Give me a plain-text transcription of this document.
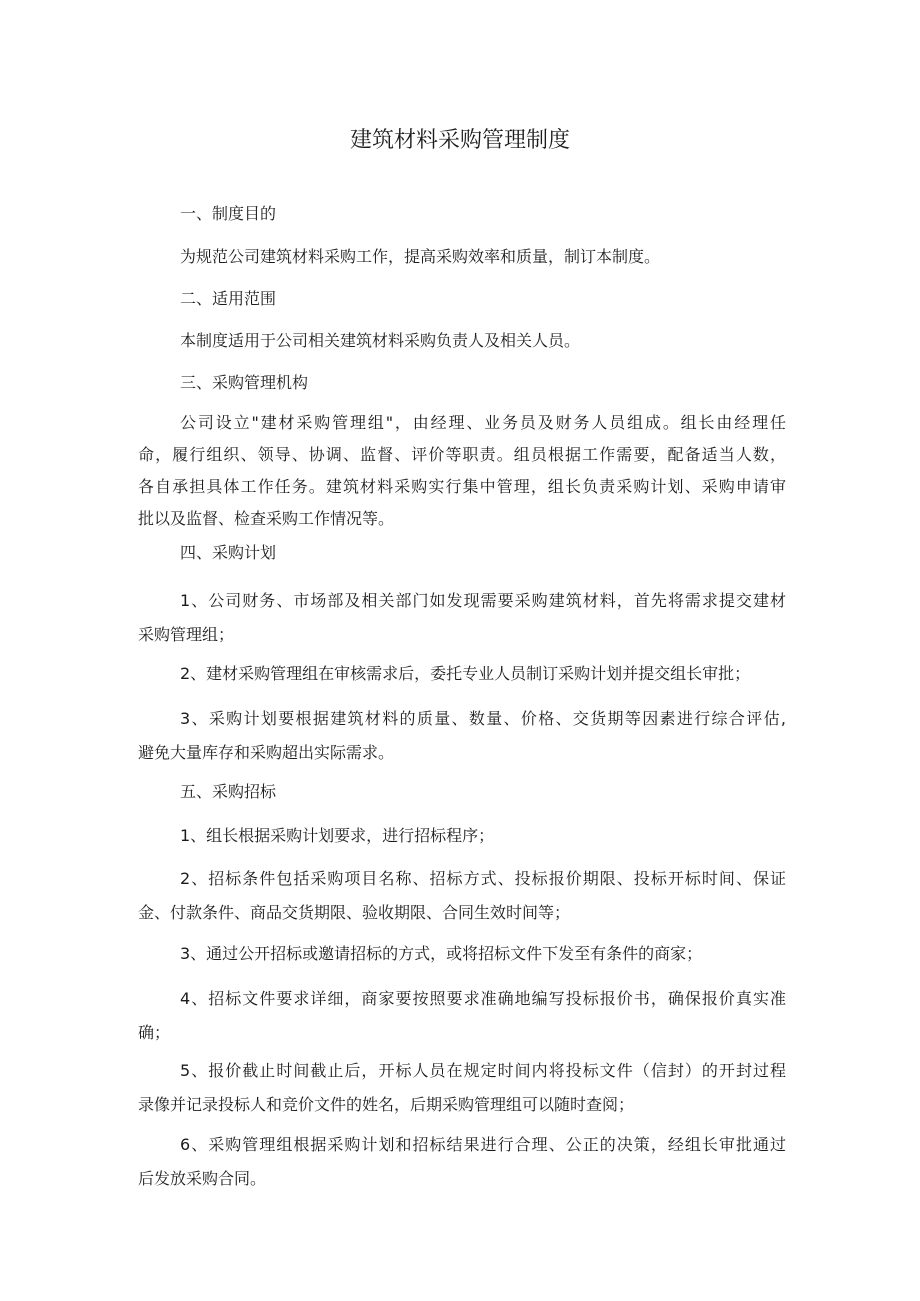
建筑材料采购管理制度

一、制度目的

为规范公司建筑材料采购工作，提高采购效率和质量，制订本制度。

二、适用范围

本制度适用于公司相关建筑材料采购负责人及相关人员。

三、采购管理机构

公司设立"建材采购管理组"，由经理、业务员及财务人员组成。组长由经理任
命，履行组织、领导、协调、监督、评价等职责。组员根据工作需要，配备适当人数，
各自承担具体工作任务。建筑材料采购实行集中管理，组长负责采购计划、采购申请审
批以及监督、检查采购工作情况等。

四、采购计划

1、公司财务、市场部及相关部门如发现需要采购建筑材料，首先将需求提交建材
采购管理组；

2、建材采购管理组在审核需求后，委托专业人员制订采购计划并提交组长审批；

3、采购计划要根据建筑材料的质量、数量、价格、交货期等因素进行综合评估,
避免大量库存和采购超出实际需求。

五、采购招标

1、组长根据采购计划要求，进行招标程序；

2、招标条件包括采购项目名称、招标方式、投标报价期限、投标开标时间、保证
金、付款条件、商品交货期限、验收期限、合同生效时间等；

3、通过公开招标或邀请招标的方式，或将招标文件下发至有条件的商家；

4、招标文件要求详细，商家要按照要求准确地编写投标报价书，确保报价真实准
确；
5、报价截止时间截止后，开标人员在规定时间内将投标文件（信封）的开封过程
录像并记录投标人和竞价文件的姓名，后期采购管理组可以随时查阅；
6、采购管理组根据采购计划和招标结果进行合理、公正的决策，经组长审批通过
后发放采购合同。
